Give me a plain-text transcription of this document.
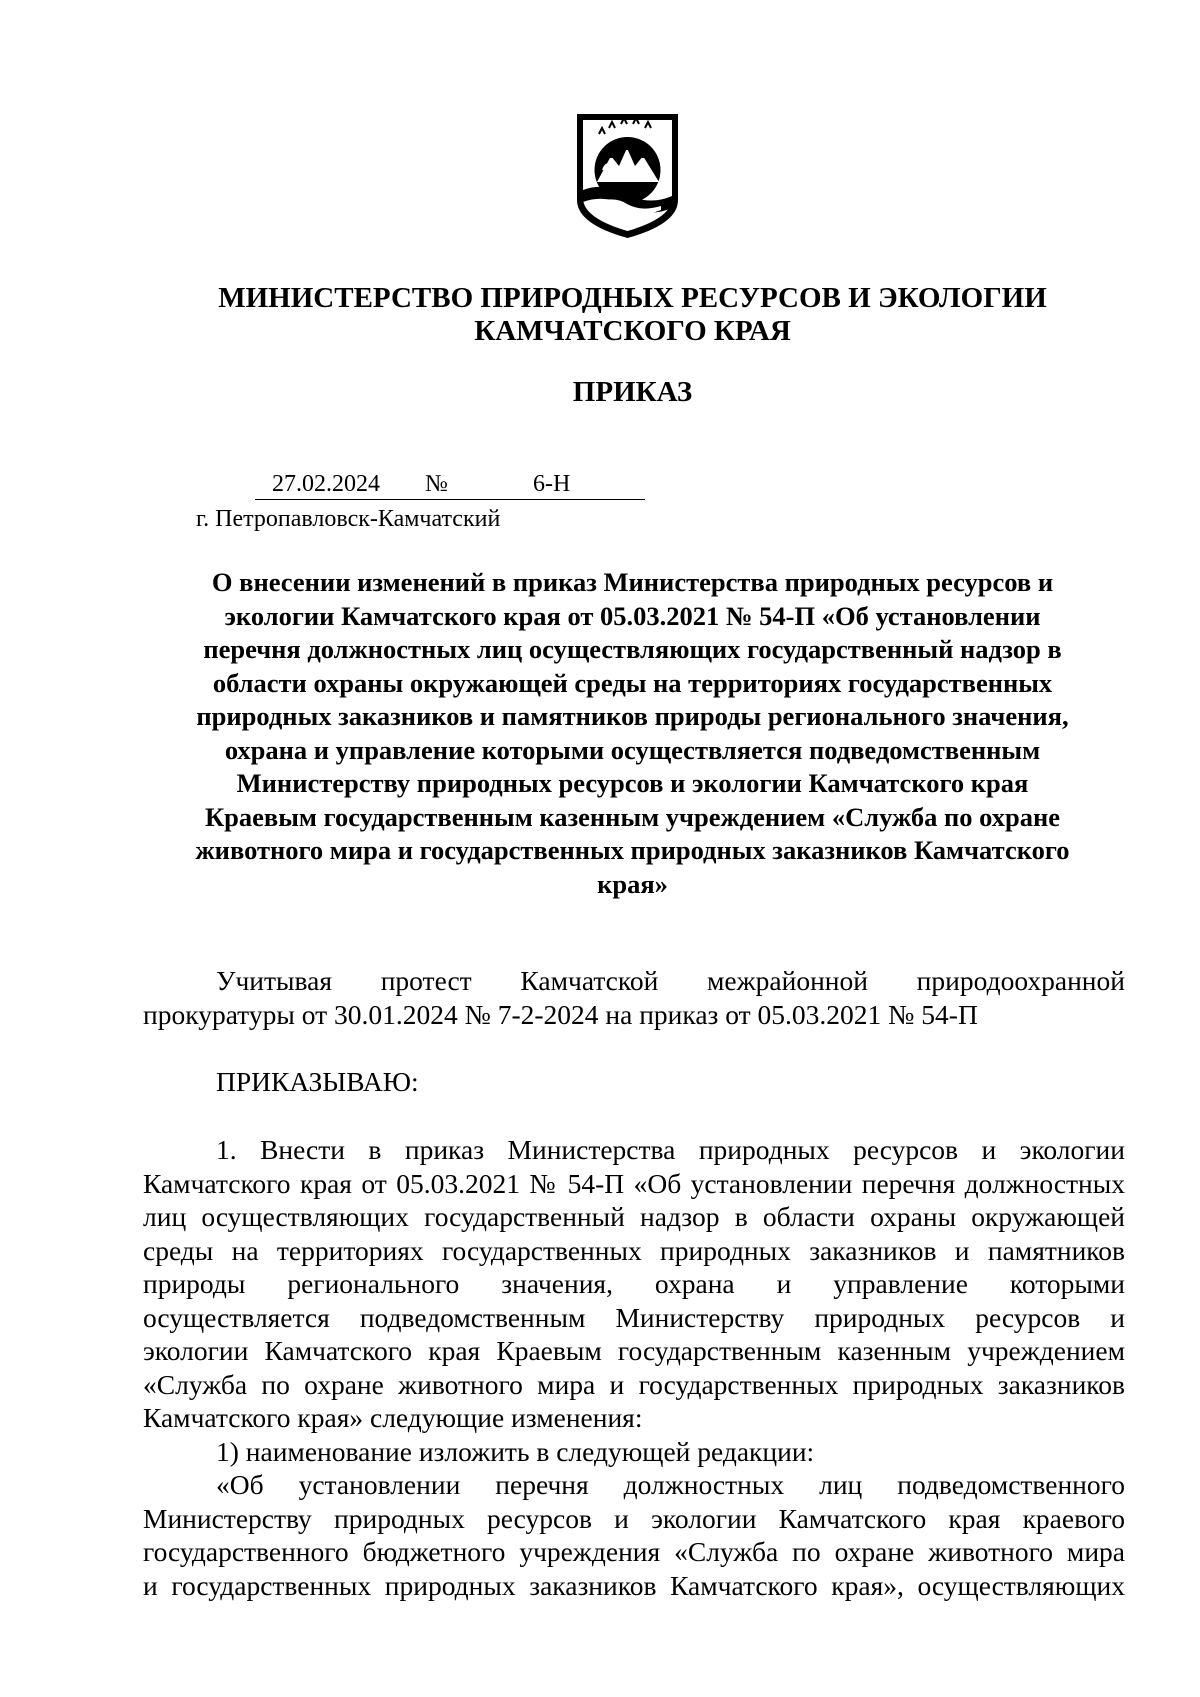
МИНИСТЕРСТВО ПРИРОДНЫХ РЕСУРСОВ И ЭКОЛОГИИ
КАМЧАТСКОГО КРАЯ
ПРИКАЗ
27.02.2024 №	6-Н
г. Петропавловск-Камчатский
О внесении изменений в приказ Министерства природных ресурсов и
экологии Камчатского края от 05.03.2021 № 54-П «Об установлении
перечня должностных лиц осуществляющих государственный надзор в
области охраны окружающей среды на территориях государственных
природных заказников и памятников природы регионального значения,
охрана и управление которыми осуществляется подведомственным
Министерству природных ресурсов и экологии Камчатского края
Краевым государственным казенным учреждением «Служба по охране
животного мира и государственных природных заказников Камчатского
края»
Учитывая протест Камчатской межрайонной природоохранной
прокуратуры от 30.01.2024 № 7-2-2024 на приказ от 05.03.2021 № 54-П
ПРИКАЗЫВАЮ:
1. Внести в приказ Министерства природных ресурсов и экологии
Камчатского края от 05.03.2021 № 54-П «Об установлении перечня должностных
лиц осуществляющих государственный надзор в области охраны окружающей
среды на территориях государственных природных заказников и памятников
природы регионального значения, охрана и управление которыми
осуществляется подведомственным Министерству природных ресурсов и
экологии Камчатского края Краевым государственным казенным учреждением
«Служба по охране животного мира и государственных природных заказников
Камчатского края» следующие изменения:
1) наименование изложить в следующей редакции:
«Об установлении перечня должностных лиц подведомственного
Министерству природных ресурсов и экологии Камчатского края краевого
государственного бюджетного учреждения «Служба по охране животного мира
и государственных природных заказников Камчатского края», осуществляющих
